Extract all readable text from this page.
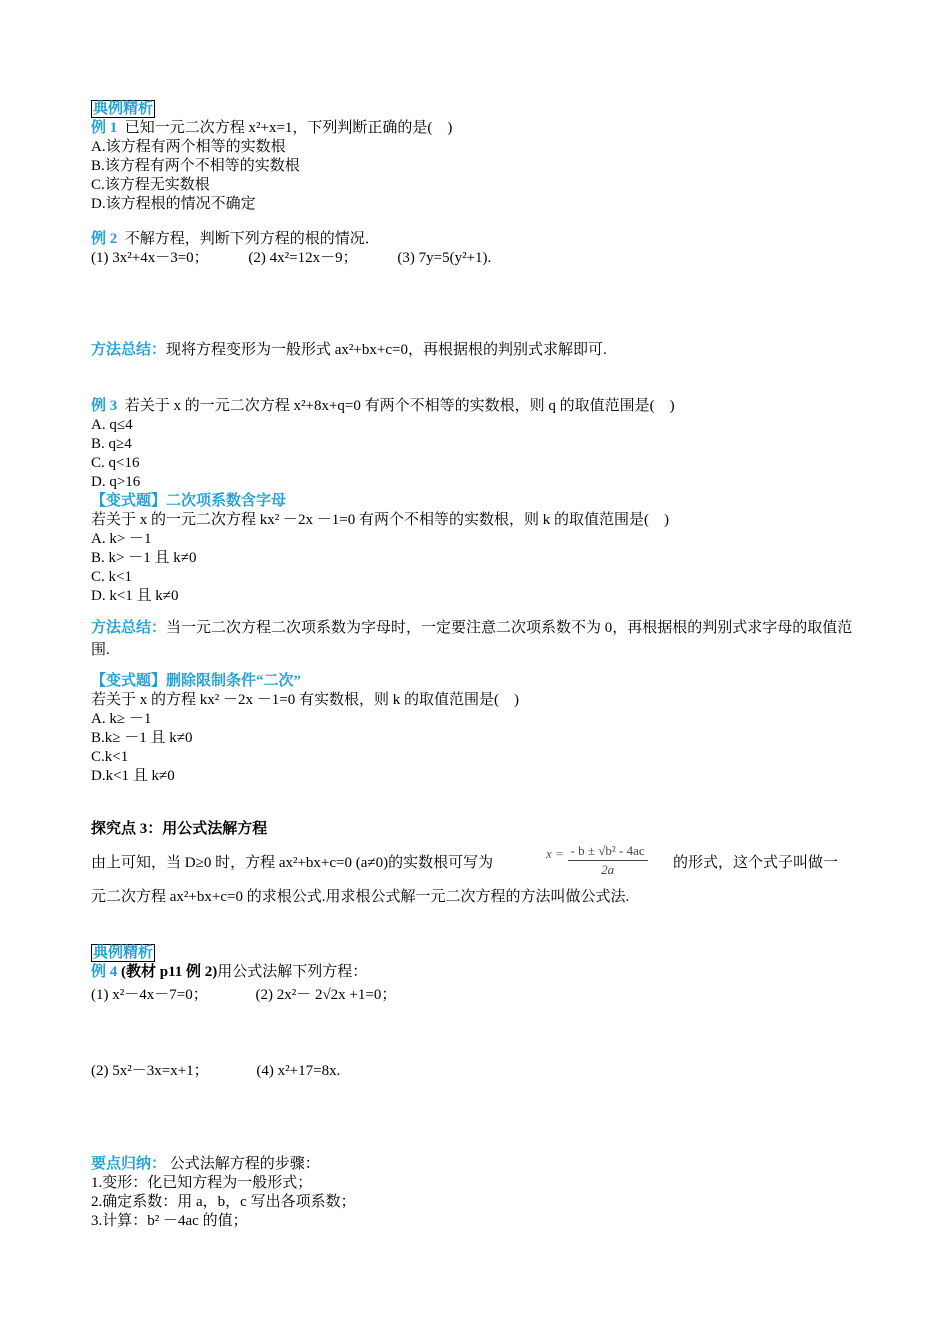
典例精析
例 1 已知一元二次方程 x²+x=1，下列判断正确的是(　)
A.该方程有两个相等的实数根
B.该方程有两个不相等的实数根
C.该方程无实数根
D.该方程根的情况不确定
例 2 不解方程，判断下列方程的根的情况．
(1) 3x²+4x－3=0；	(2) 4x²=12x－9；	(3) 7y=5(y²+1).
方法总结：现将方程变形为一般形式 ax²+bx+c=0，再根据根的判别式求解即可.
例 3 若关于 x 的一元二次方程 x²+8x+q=0 有两个不相等的实数根，则 q 的取值范围是(　)
A. q≤4
B. q≥4
C. q<16
D. q>16
【变式题】二次项系数含字母
若关于 x 的一元二次方程 kx² －2x －1=0 有两个不相等的实数根，则 k 的取值范围是(　)
A. k> －1
B. k> －1 且 k≠0
C. k<1
D. k<1 且 k≠0
方法总结：当一元二次方程二次项系数为字母时，一定要注意二次项系数不为 0，再根据根的判别式求字母的取值范围.
【变式题】删除限制条件“二次”
若关于 x 的方程 kx² －2x －1=0 有实数根，则 k 的取值范围是(　)
A. k≥ －1
B.k≥ －1 且 k≠0
C.k<1
D.k<1 且 k≠0
探究点 3：用公式法解方程
由上可知，当 D≥0 时，方程 ax²+bx+c=0 (a≠0)的实数根可写为
$x = \frac{\text{- b ± √b² - 4ac}}{2a}$ 的形式，这个式子叫做一
元二次方程 ax²+bx+c=0 的求根公式.用求根公式解一元二次方程的方法叫做公式法.
典例精析
例 4 (教材 p11 例 2)用公式法解下列方程：
(1) x²－4x－7=0；	(2) 2x²－ 2√2x +1=0；
(2) 5x²－3x=x+1；	(4) x²+17=8x.
要点归纳： 公式法解方程的步骤：
1.变形：化已知方程为一般形式；
2.确定系数：用 a，b，c 写出各项系数；
3.计算：b² －4ac 的值；
